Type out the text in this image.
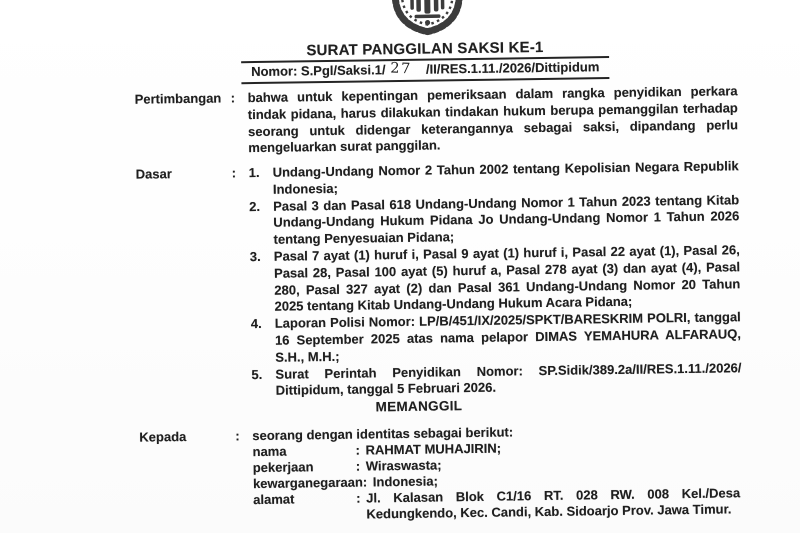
SURAT PANGGILAN SAKSI KE-1
Nomor: S.Pgl/Saksi.1/ 27 /II/RES.1.11./2026/Dittipidum
Pertimbangan : bahwa untuk kepentingan pemeriksaan dalam rangka penyidikan perkara tindak pidana, harus dilakukan tindakan hukum berupa pemanggilan terhadap seorang untuk didengar keterangannya sebagai saksi, dipandang perlu mengeluarkan surat panggilan.
Dasar	: 1. Undang-Undang Nomor 2 Tahun 2002 tentang Kepolisian Negara Republik Indonesia;
2. Pasal 3 dan Pasal 618 Undang-Undang Nomor 1 Tahun 2023 tentang Kitab Undang-Undang Hukum Pidana Jo Undang-Undang Nomor 1 Tahun 2026 tentang Penyesuaian Pidana;
3. Pasal 7 ayat (1) huruf i, Pasal 9 ayat (1) huruf i, Pasal 22 ayat (1), Pasal 26, Pasal 28, Pasal 100 ayat (5) huruf a, Pasal 278 ayat (3) dan ayat (4), Pasal 280, Pasal 327 ayat (2) dan Pasal 361 Undang-Undang Nomor 20 Tahun 2025 tentang Kitab Undang-Undang Hukum Acara Pidana;
4. Laporan Polisi Nomor: LP/B/451/IX/2025/SPKT/BARESKRIM POLRI, tanggal 16 September 2025 atas nama pelapor DIMAS YEMAHURA ALFARAUQ, S.H., M.H.;
5. Surat Perintah Penyidikan Nomor: SP.Sidik/389.2a/II/RES.1.11./2026/ Dittipidum, tanggal 5 Februari 2026.
MEMANGGIL
Kepada	: seorang dengan identitas sebagai berikut:
nama	: RAHMAT MUHAJIRIN;
pekerjaan	: Wiraswasta;
kewarganegaraan : Indonesia;
alamat	: Jl. Kalasan Blok C1/16 RT. 028 RW. 008 Kel./Desa Kedungkendo, Kec. Candi, Kab. Sidoarjo Prov. Jawa Timur.
